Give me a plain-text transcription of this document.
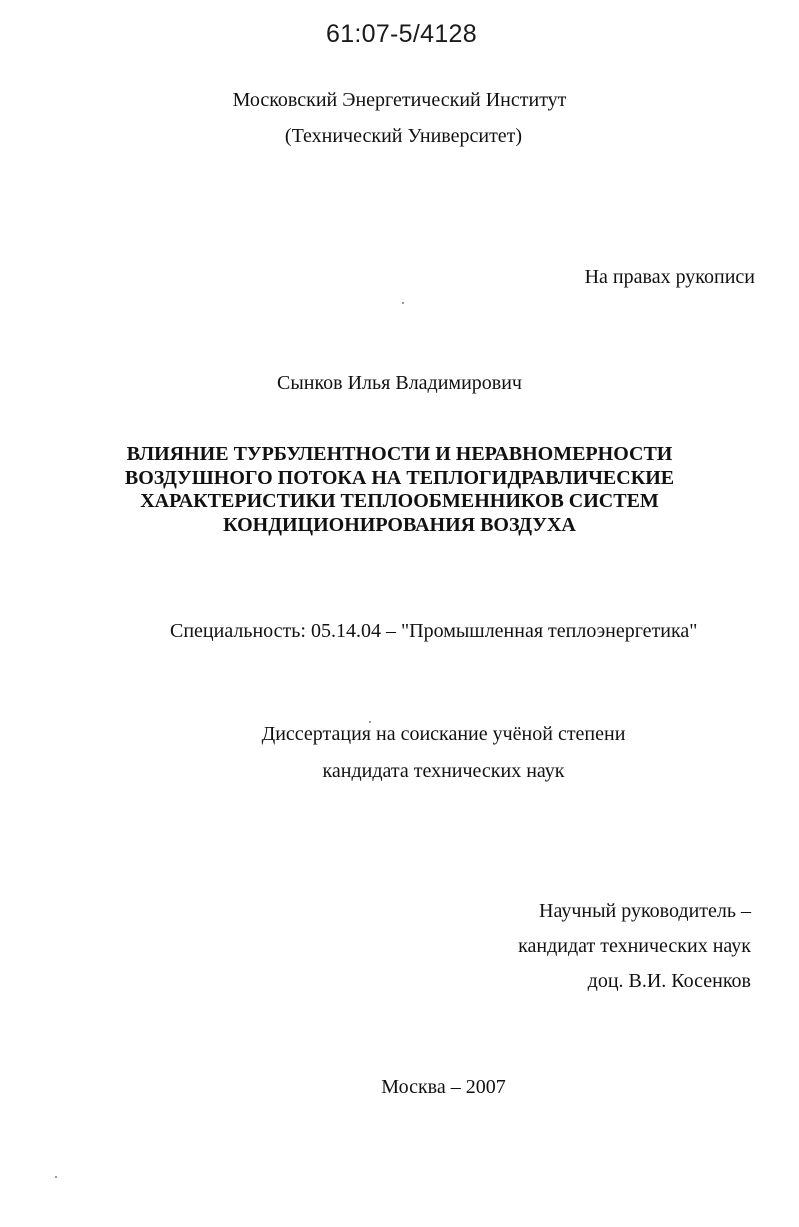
61:07-5/4128
Московский Энергетический Институт
(Технический Университет)
На правах рукописи
Сынков Илья Владимирович
ВЛИЯНИЕ ТУРБУЛЕНТНОСТИ И НЕРАВНОМЕРНОСТИ
ВОЗДУШНОГО ПОТОКА НА ТЕПЛОГИДРАВЛИЧЕСКИЕ
ХАРАКТЕРИСТИКИ ТЕПЛООБМЕННИКОВ СИСТЕМ
КОНДИЦИОНИРОВАНИЯ ВОЗДУХА
Специальность: 05.14.04 – "Промышленная теплоэнергетика"
Диссертация на соискание учёной степени
кандидата технических наук
Научный руководитель –
кандидат технических наук
доц. В.И. Косенков
Москва – 2007
